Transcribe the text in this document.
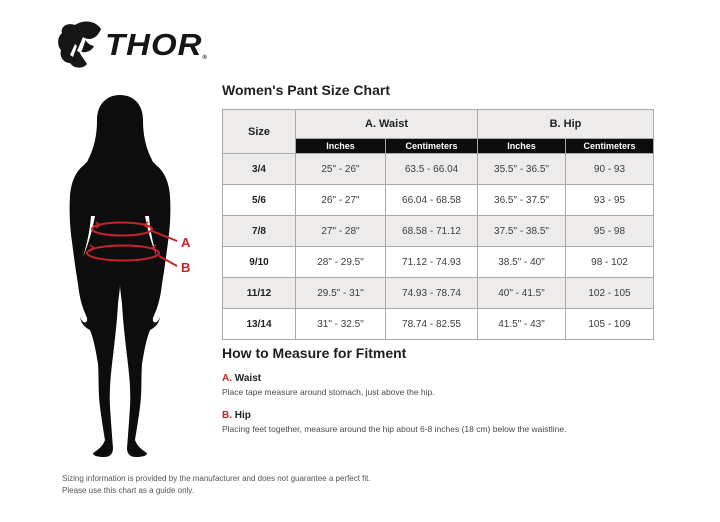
THOR ®
A
B
Women's Pant Size Chart
Size	A. Waist		B. Hip	
	Inches	Centimeters	Inches	Centimeters
3/4	25" - 26"	63.5 - 66.04	35.5" - 36.5"	90 - 93
5/6	26" - 27"	66.04 - 68.58	36.5" - 37.5"	93 - 95
7/8	27" - 28"	68.58 - 71.12	37.5" - 38.5"	95 - 98
9/10	28" - 29.5"	71.12 - 74.93	38.5" - 40"	98 - 102
11/12	29.5" - 31"	74.93 - 78.74	40" - 41.5"	102 - 105
13/14	31" - 32.5"	78.74 - 82.55	41.5" - 43"	105 - 109
How to Measure for Fitment
A. Waist
Place tape measure around stomach, just above the hip.
B. Hip
Placing feet together, measure around the hip about 6-8 inches (18 cm) below the waistline.
Sizing information is provided by the manufacturer and does not guarantee a perfect fit.
Please use this chart as a guide only.
